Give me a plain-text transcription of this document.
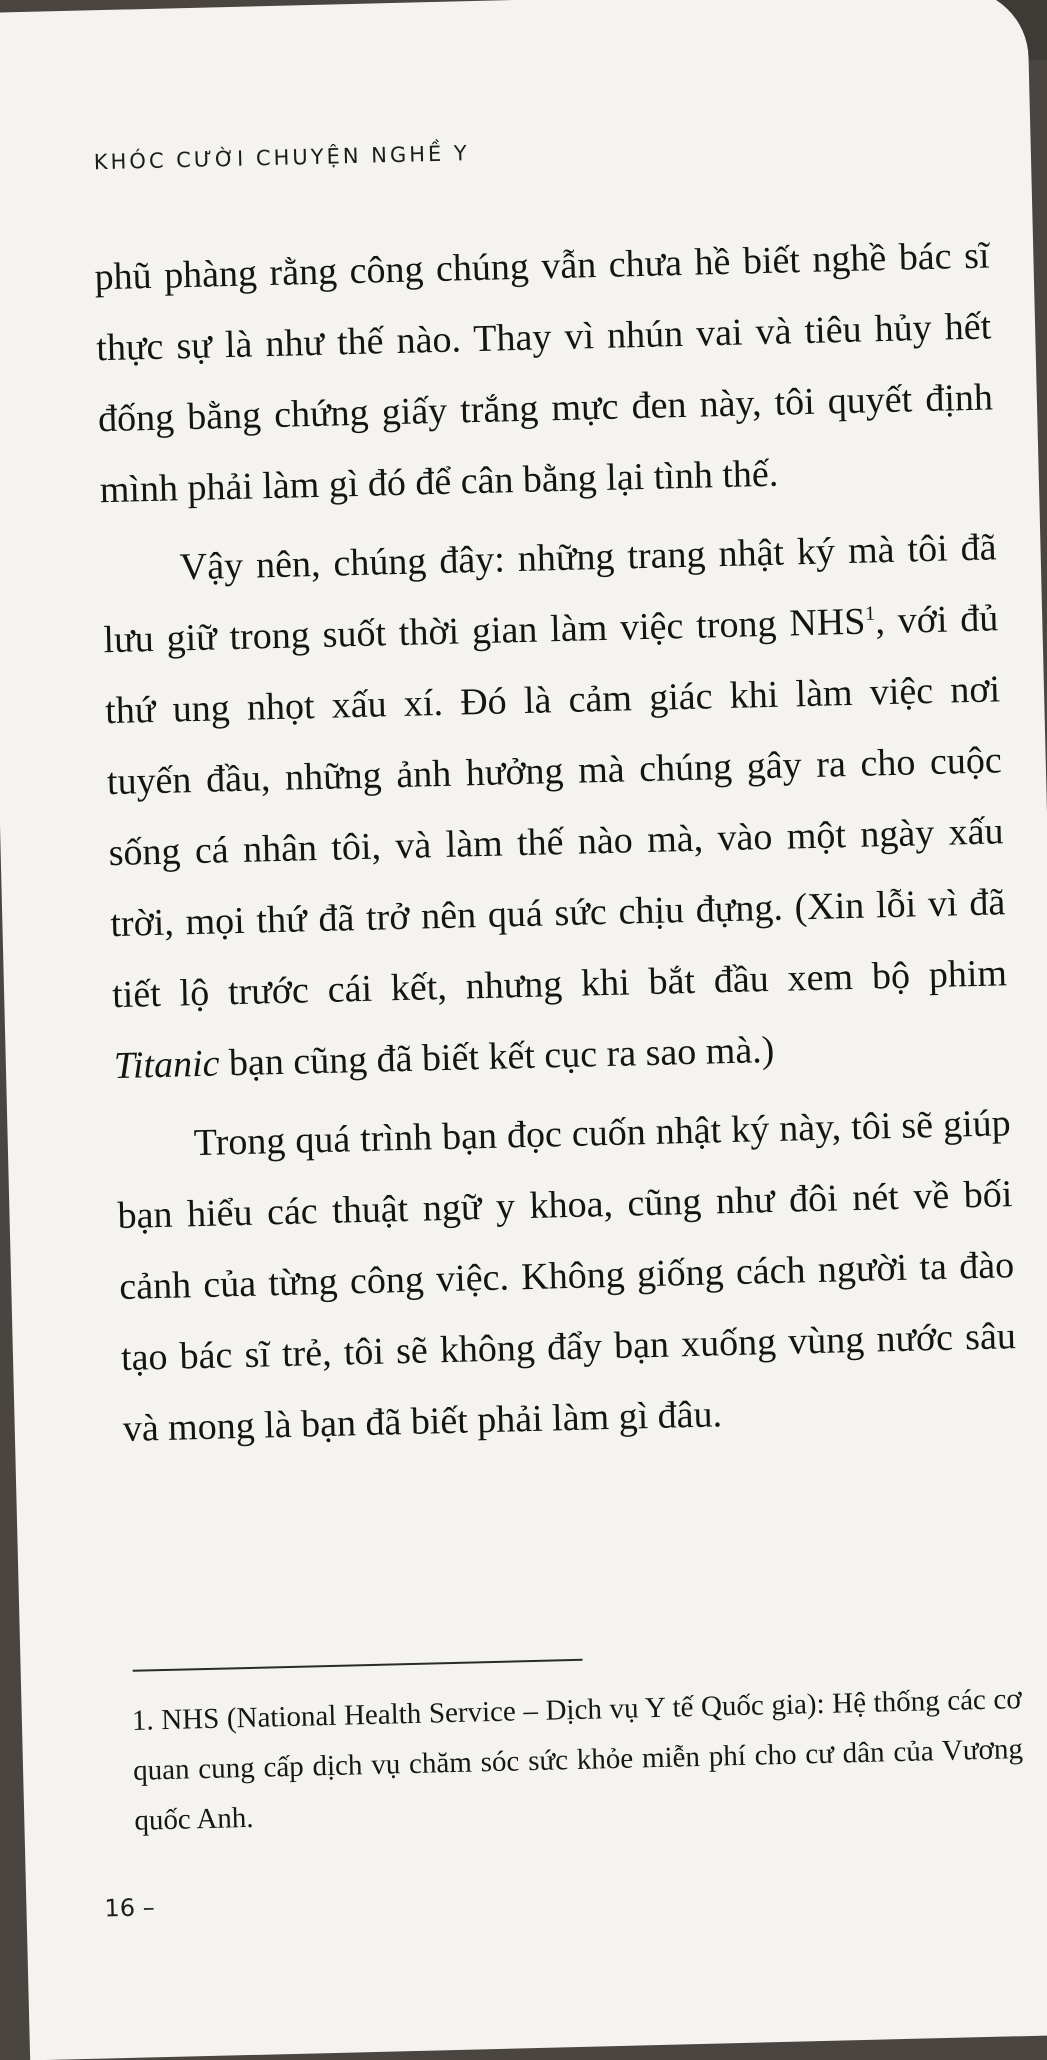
KHÓC CƯỜI CHUYỆN NGHỀ Y

phũ phàng rằng công chúng vẫn chưa hề biết nghề bác sĩ thực sự là như thế nào. Thay vì nhún vai và tiêu hủy hết đống bằng chứng giấy trắng mực đen này, tôi quyết định mình phải làm gì đó để cân bằng lại tình thế.

Vậy nên, chúng đây: những trang nhật ký mà tôi đã lưu giữ trong suốt thời gian làm việc trong NHS$^1$, với đủ thứ ung nhọt xấu xí. Đó là cảm giác khi làm việc nơi tuyến đầu, những ảnh hưởng mà chúng gây ra cho cuộc sống cá nhân tôi, và làm thế nào mà, vào một ngày xấu trời, mọi thứ đã trở nên quá sức chịu đựng. (Xin lỗi vì đã tiết lộ trước cái kết, nhưng khi bắt đầu xem bộ phim Titanic bạn cũng đã biết kết cục ra sao mà.)

Trong quá trình bạn đọc cuốn nhật ký này, tôi sẽ giúp bạn hiểu các thuật ngữ y khoa, cũng như đôi nét về bối cảnh của từng công việc. Không giống cách người ta đào tạo bác sĩ trẻ, tôi sẽ không đẩy bạn xuống vùng nước sâu và mong là bạn đã biết phải làm gì đâu.

1. NHS (National Health Service – Dịch vụ Y tế Quốc gia): Hệ thống các cơ quan cung cấp dịch vụ chăm sóc sức khỏe miễn phí cho cư dân của Vương quốc Anh.

16 –
